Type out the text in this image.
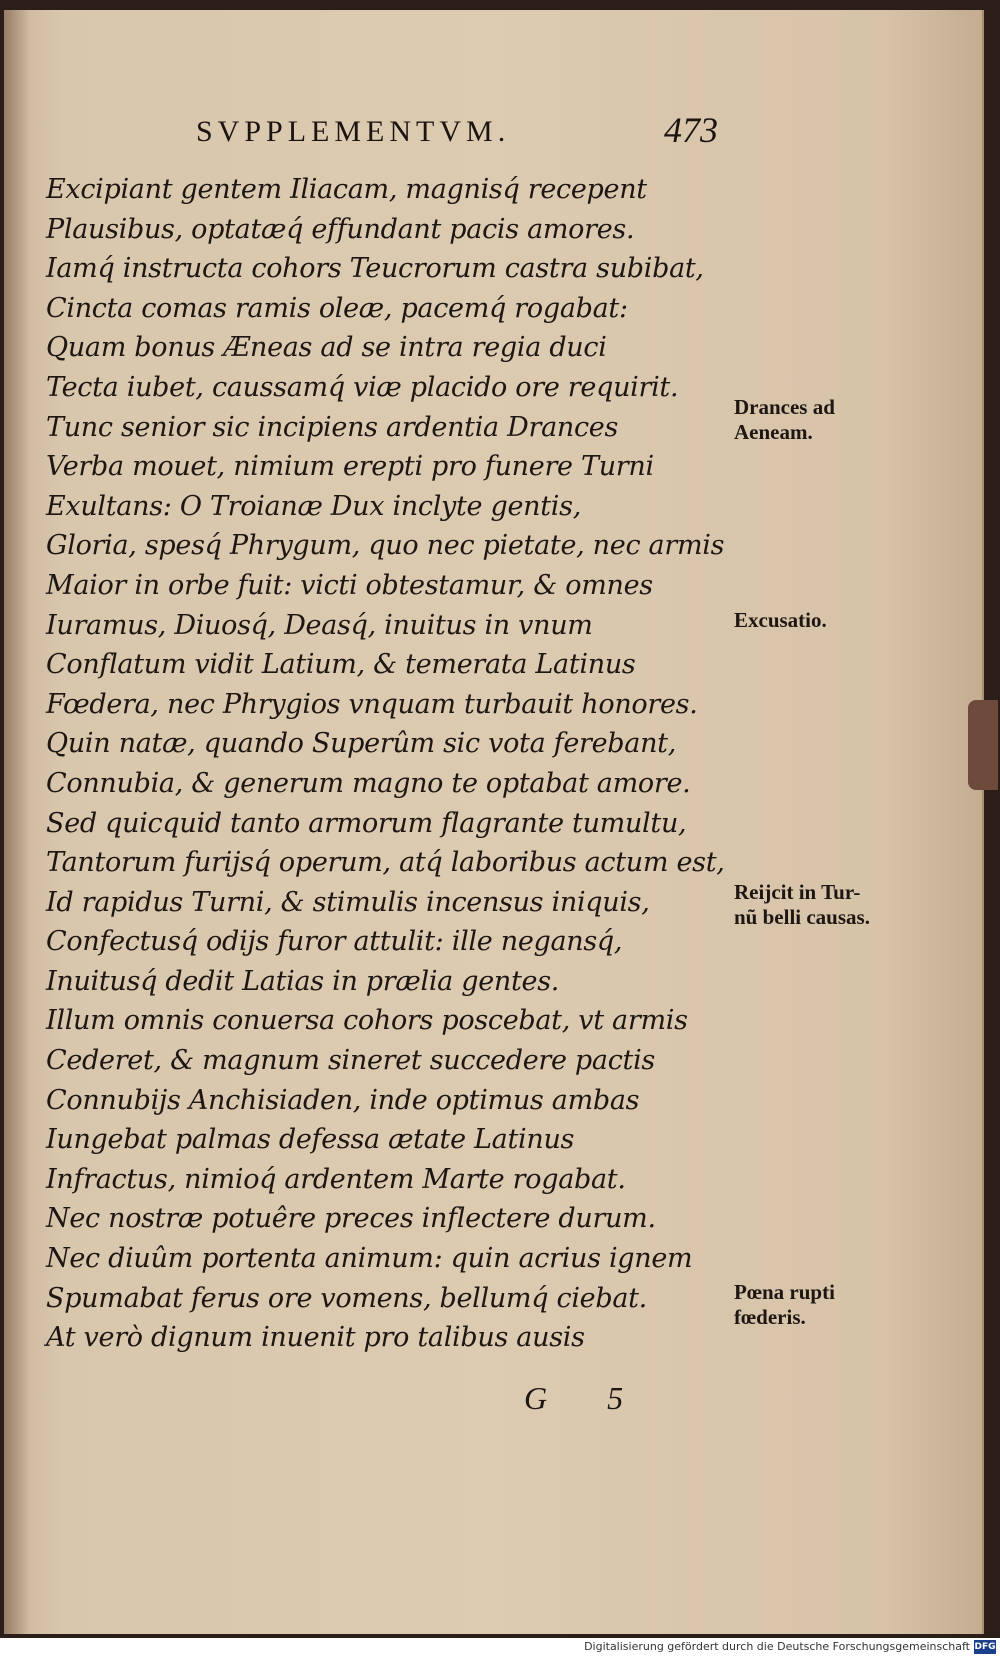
SVPPLEMENTVM.	473
Excipiant gentem Iliacam, magnisq́ recepent
Plausibus, optatæq́ effundant pacis amores.
Iamq́ instructa cohors Teucrorum castra subibat,
Cincta comas ramis oleæ, pacemq́ rogabat:
Quam bonus Æneas ad se intra regia duci
Tecta iubet, caussamq́ viæ placido ore requirit.
Tunc senior sic incipiens ardentia Drances
Verba mouet, nimium erepti pro funere Turni
Exultans: O Troianæ Dux inclyte gentis,
Gloria, spesq́ Phrygum, quo nec pietate, nec armis
Maior in orbe fuit: victi obtestamur, & omnes
Iuramus, Diuosq́, Deasq́, inuitus in vnum
Conflatum vidit Latium, & temerata Latinus
Fœdera, nec Phrygios vnquam turbauit honores.
Quin natæ, quando Superûm sic vota ferebant,
Connubia, & generum magno te optabat amore.
Sed quicquid tanto armorum flagrante tumultu,
Tantorum furijsq́ operum, atq́ laboribus actum est,
Id rapidus Turni, & stimulis incensus iniquis,
Confectusq́ odijs furor attulit: ille negansq́,
Inuitusq́ dedit Latias in prælia gentes.
Illum omnis conuersa cohors poscebat, vt armis
Cederet, & magnum sineret succedere pactis
Connubijs Anchisiaden, inde optimus ambas
Iungebat palmas defessa ætate Latinus
Infractus, nimioq́ ardentem Marte rogabat.
Nec nostræ potuêre preces inflectere durum.
Nec diuûm portenta animum: quin acrius ignem
Spumabat ferus ore vomens, bellumq́ ciebat.
At verò dignum inuenit pro talibus ausis
Drances ad
Aeneam.
Excusatio.
Reijcit in Tur-
nũ belli causas.
Pœna rupti
fœderis.
G 5
Digitalisierung gefördert durch die Deutsche Forschungsgemeinschaft DFG
